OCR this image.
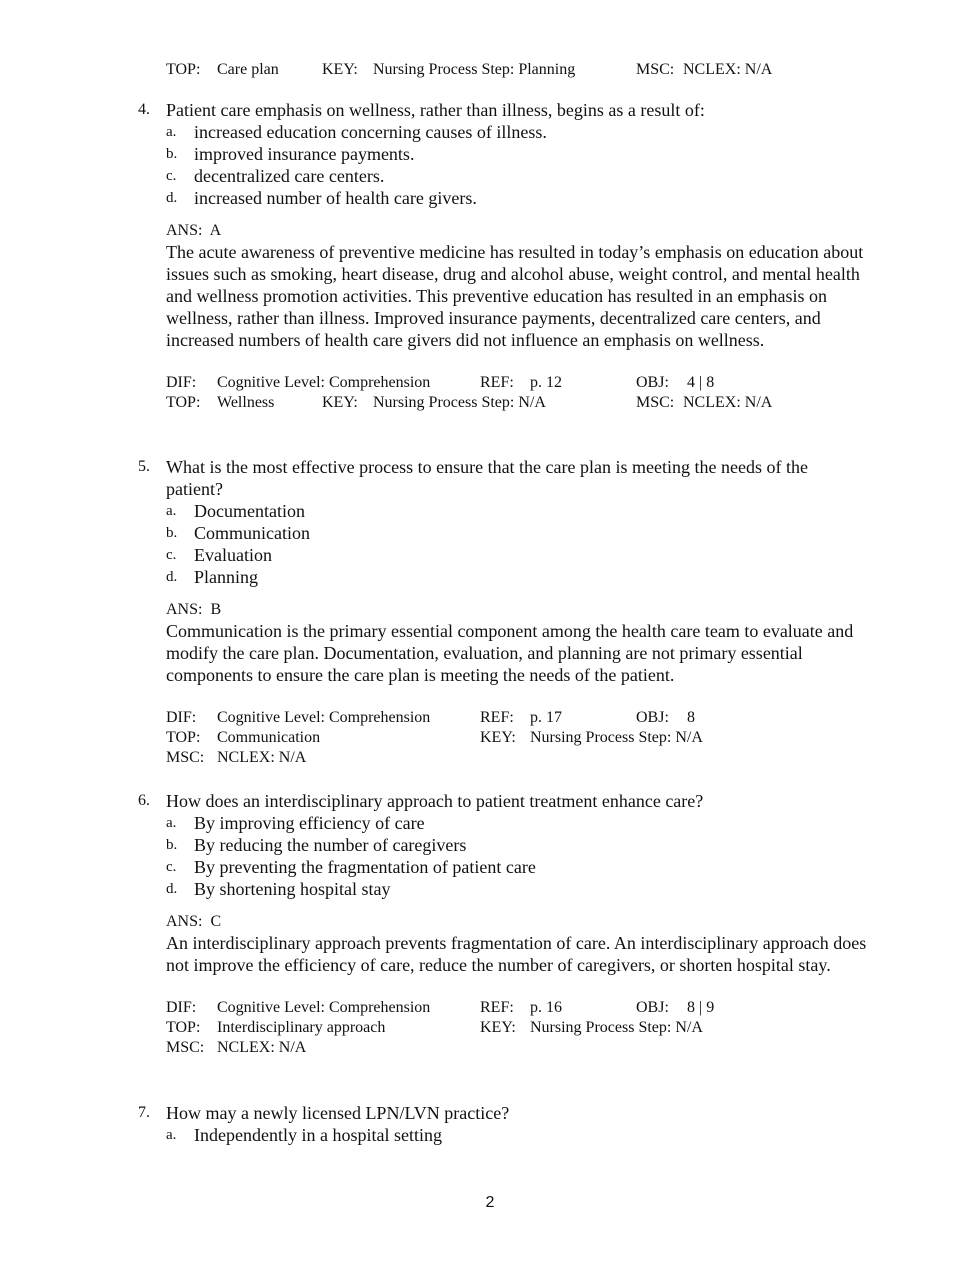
TOP: Care plan	KEY: Nursing Process Step: Planning	MSC: NCLEX: N/A
4. Patient care emphasis on wellness, rather than illness, begins as a result of:
a. increased education concerning causes of illness.
b. improved insurance payments.
c. decentralized care centers.
d. increased number of health care givers.
ANS: A
The acute awareness of preventive medicine has resulted in today’s emphasis on education about issues such as smoking, heart disease, drug and alcohol abuse, weight control, and mental health and wellness promotion activities. This preventive education has resulted in an emphasis on wellness, rather than illness. Improved insurance payments, decentralized care centers, and increased numbers of health care givers did not influence an emphasis on wellness.
DIF: Cognitive Level: Comprehension	REF: p. 12	OBJ: 4 | 8
TOP: Wellness	KEY: Nursing Process Step: N/A	MSC: NCLEX: N/A
5. What is the most effective process to ensure that the care plan is meeting the needs of the patient?
a. Documentation
b. Communication
c. Evaluation
d. Planning
ANS: B
Communication is the primary essential component among the health care team to evaluate and modify the care plan. Documentation, evaluation, and planning are not primary essential components to ensure the care plan is meeting the needs of the patient.
DIF: Cognitive Level: Comprehension	REF: p. 17	OBJ: 8
TOP: Communication	KEY: Nursing Process Step: N/A
MSC: NCLEX: N/A
6. How does an interdisciplinary approach to patient treatment enhance care?
a. By improving efficiency of care
b. By reducing the number of caregivers
c. By preventing the fragmentation of patient care
d. By shortening hospital stay
ANS: C
An interdisciplinary approach prevents fragmentation of care. An interdisciplinary approach does not improve the efficiency of care, reduce the number of caregivers, or shorten hospital stay.
DIF: Cognitive Level: Comprehension	REF: p. 16	OBJ: 8 | 9
TOP: Interdisciplinary approach	KEY: Nursing Process Step: N/A
MSC: NCLEX: N/A
7. How may a newly licensed LPN/LVN practice?
a. Independently in a hospital setting
2
